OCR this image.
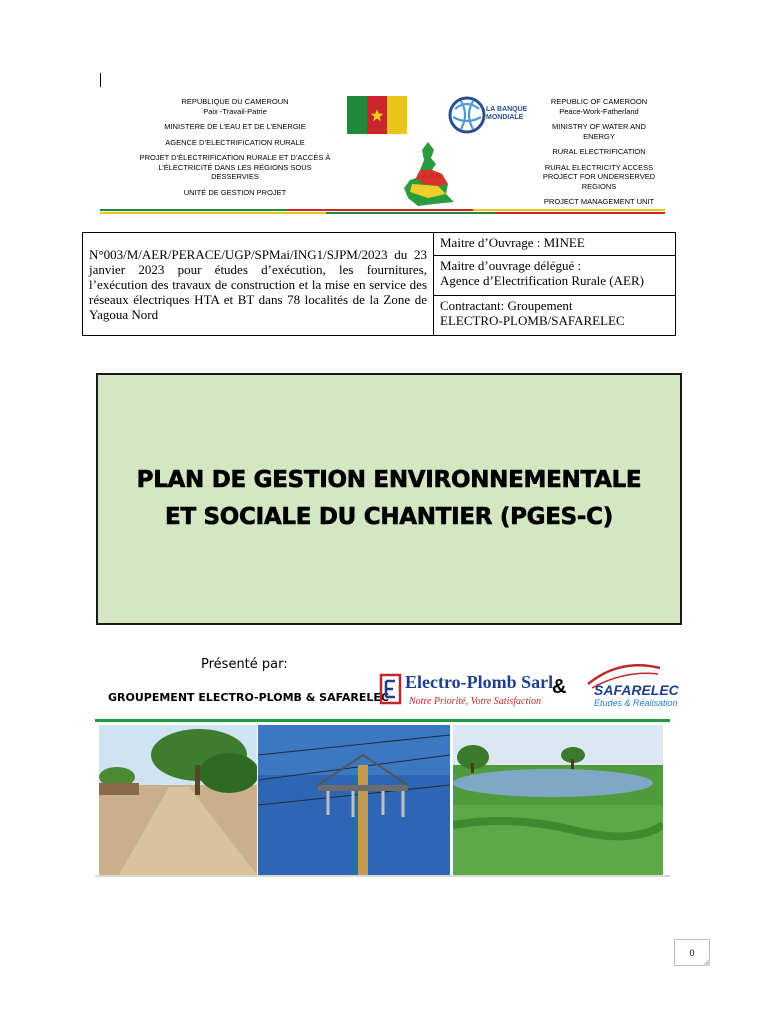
REPUBLIQUE DU CAMEROUN
Paix -Travail-Patrie
MINISTERE DE L’EAU ET DE L’ENERGIE
AGENCE D’ELECTRIFICATION RURALE
PROJET D’ÉLECTRIFICATION RURALE ET D’ACCÈS À
L’ÉLECTRICITÉ DANS LES RÉGIONS SOUS
DESSERVIES
UNITÉ DE GESTION PROJET
LA BANQUE
MONDIALE
A.E.R
REPUBLIC OF CAMEROON
Peace-Work-Fatherland
MINISTRY OF WATER AND ENERGY
RURAL ELECTRIFICATION
RURAL ELECTRICITY ACCESS
PROJECT FOR UNDERSERVED
REGIONS
PROJECT MANAGEMENT UNIT
N°003/M/AER/PERACE/UGP/SPMai/ING1/SJPM/2023 du 23 janvier 2023 pour études d’exécution, les fournitures, l’exécution des travaux de construction et la mise en service des réseaux électriques HTA et BT dans 78 localités de la Zone de Yagoua Nord	Maitre d’Ouvrage : MINEE

Maitre d’ouvrage délégué :
Agence d’Electrification Rurale (AER)

Contractant: Groupement
ELECTRO-PLOMB/SAFARELEC
PLAN DE GESTION ENVIRONNEMENTALE
ET SOCIALE DU CHANTIER (PGES-C)
Présenté par:
GROUPEMENT ELECTRO-PLOMB & SAFARELEC
Electro-Plomb Sarl
Notre Priorité, Votre Satisfaction
& SAFARELEC
Etudes & Réalisation
0
